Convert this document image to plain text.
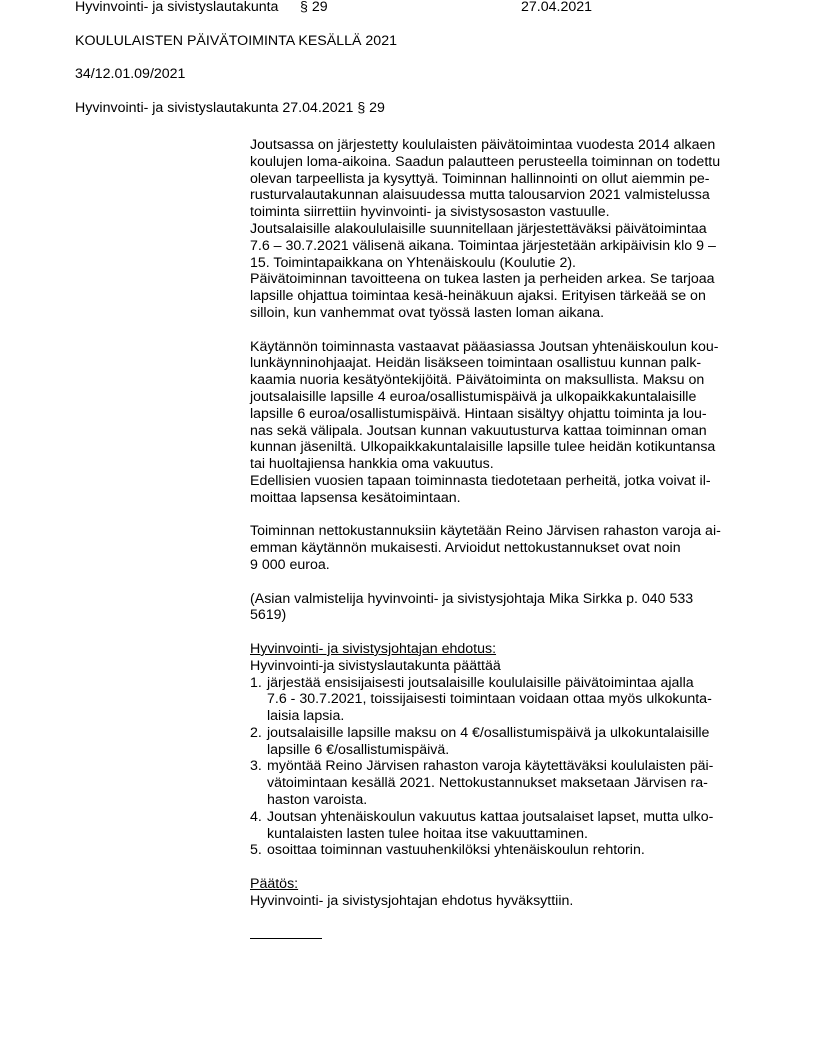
Hyvinvointi- ja sivistyslautakunta § 29	27.04.2021
KOULULAISTEN PÄIVÄTOIMINTA KESÄLLÄ 2021
34/12.01.09/2021
Hyvinvointi- ja sivistyslautakunta 27.04.2021 § 29
Joutsassa on järjestetty koululaisten päivätoimintaa vuodesta 2014 alkaen
koulujen loma-aikoina. Saadun palautteen perusteella toiminnan on todettu
olevan tarpeellista ja kysyttyä. Toiminnan hallinnointi on ollut aiemmin pe-
rusturvalautakunnan alaisuudessa mutta talousarvion 2021 valmistelussa
toiminta siirrettiin hyvinvointi- ja sivistysosaston vastuulle.
Joutsalaisille alakoululaisille suunnitellaan järjestettäväksi päivätoimintaa
7.6 – 30.7.2021 välisenä aikana. Toimintaa järjestetään arkipäivisin klo 9 –
15. Toimintapaikkana on Yhtenäiskoulu (Koulutie 2).
Päivätoiminnan tavoitteena on tukea lasten ja perheiden arkea. Se tarjoaa
lapsille ohjattua toimintaa kesä-heinäkuun ajaksi. Erityisen tärkeää se on
silloin, kun vanhemmat ovat työssä lasten loman aikana.
Käytännön toiminnasta vastaavat pääasiassa Joutsan yhtenäiskoulun kou-
lunkäynninohjaajat. Heidän lisäkseen toimintaan osallistuu kunnan palk-
kaamia nuoria kesätyöntekijöitä. Päivätoiminta on maksullista. Maksu on
joutsalaisille lapsille 4 euroa/osallistumispäivä ja ulkopaikkakuntalaisille
lapsille 6 euroa/osallistumispäivä. Hintaan sisältyy ohjattu toiminta ja lou-
nas sekä välipala. Joutsan kunnan vakuutusturva kattaa toiminnan oman
kunnan jäseniltä. Ulkopaikkakuntalaisille lapsille tulee heidän kotikuntansa
tai huoltajiensa hankkia oma vakuutus.
Edellisien vuosien tapaan toiminnasta tiedotetaan perheitä, jotka voivat il-
moittaa lapsensa kesätoimintaan.
Toiminnan nettokustannuksiin käytetään Reino Järvisen rahaston varoja ai-
emman käytännön mukaisesti. Arvioidut nettokustannukset ovat noin
9 000 euroa.
(Asian valmistelija hyvinvointi- ja sivistysjohtaja Mika Sirkka p. 040 533
5619)
Hyvinvointi- ja sivistysjohtajan ehdotus:
Hyvinvointi-ja sivistyslautakunta päättää
1. järjestää ensisijaisesti joutsalaisille koululaisille päivätoimintaa ajalla
7.6 - 30.7.2021, toissijaisesti toimintaan voidaan ottaa myös ulkokunta-
laisia lapsia.
2. joutsalaisille lapsille maksu on 4 €/osallistumispäivä ja ulkokuntalaisille
lapsille 6 €/osallistumispäivä.
3. myöntää Reino Järvisen rahaston varoja käytettäväksi koululaisten päi-
vätoimintaan kesällä 2021. Nettokustannukset maksetaan Järvisen ra-
haston varoista.
4. Joutsan yhtenäiskoulun vakuutus kattaa joutsalaiset lapset, mutta ulko-
kuntalaisten lasten tulee hoitaa itse vakuuttaminen.
5. osoittaa toiminnan vastuuhenkilöksi yhtenäiskoulun rehtorin.
Päätös:
Hyvinvointi- ja sivistysjohtajan ehdotus hyväksyttiin.
